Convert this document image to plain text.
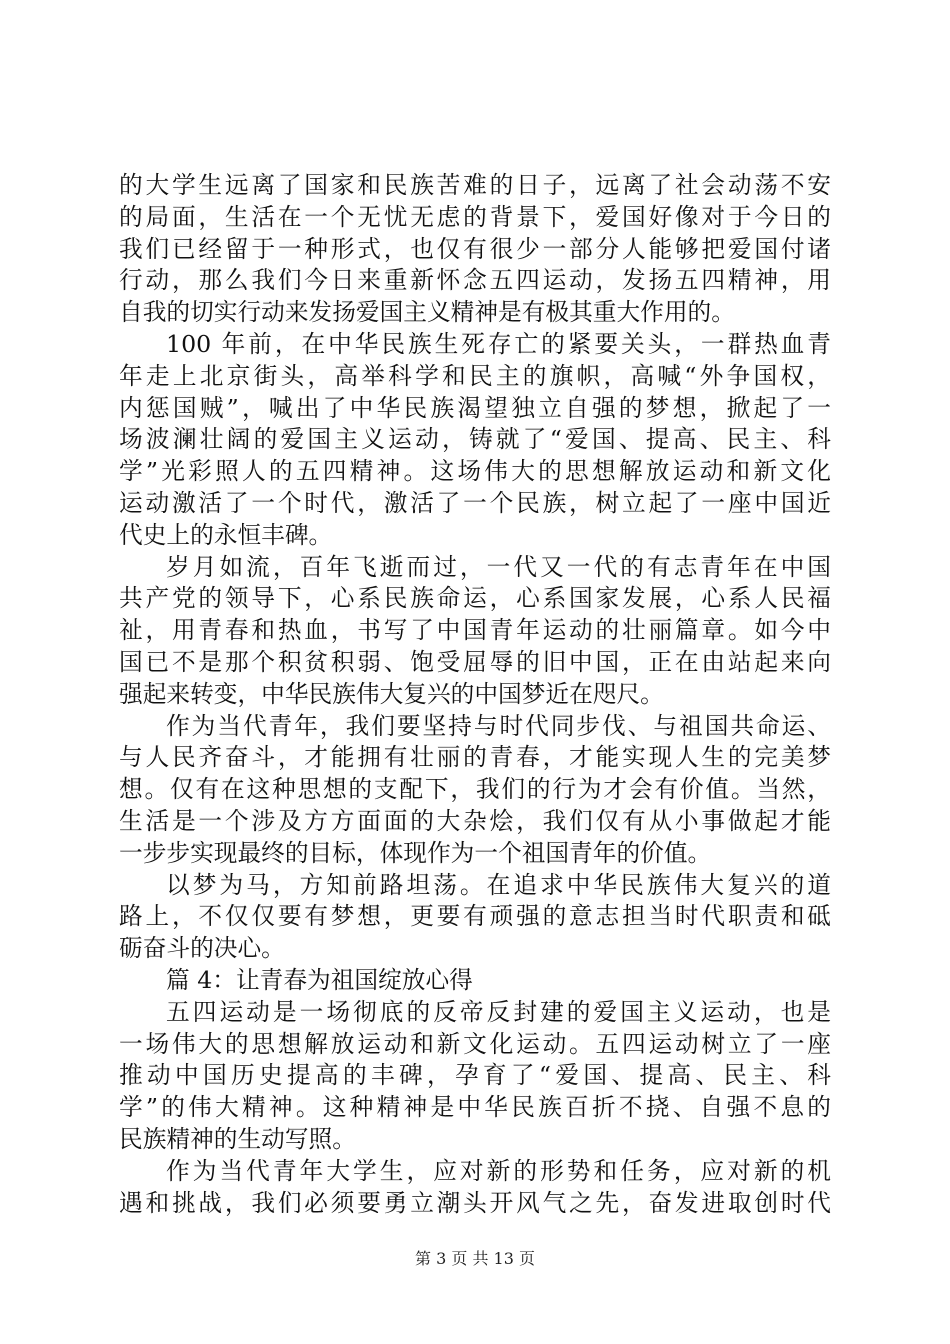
的大学生远离了国家和民族苦难的日子，远离了社会动荡不安
的局面，生活在一个无忧无虑的背景下，爱国好像对于今日的
我们已经留于一种形式，也仅有很少一部分人能够把爱国付诸
行动，那么我们今日来重新怀念五四运动，发扬五四精神，用
自我的切实行动来发扬爱国主义精神是有极其重大作用的。
100 年前，在中华民族生死存亡的紧要关头，一群热血青
年走上北京街头，高举科学和民主的旗帜，高喊“外争国权，
内惩国贼”，喊出了中华民族渴望独立自强的梦想，掀起了一
场波澜壮阔的爱国主义运动，铸就了“爱国、提高、民主、科
学”光彩照人的五四精神。这场伟大的思想解放运动和新文化
运动激活了一个时代，激活了一个民族，树立起了一座中国近
代史上的永恒丰碑。
岁月如流，百年飞逝而过，一代又一代的有志青年在中国
共产党的领导下，心系民族命运，心系国家发展，心系人民福
祉，用青春和热血，书写了中国青年运动的壮丽篇章。如今中
国已不是那个积贫积弱、饱受屈辱的旧中国，正在由站起来向
强起来转变，中华民族伟大复兴的中国梦近在咫尺。
作为当代青年，我们要坚持与时代同步伐、与祖国共命运、
与人民齐奋斗，才能拥有壮丽的青春，才能实现人生的完美梦
想。仅有在这种思想的支配下，我们的行为才会有价值。当然，
生活是一个涉及方方面面的大杂烩，我们仅有从小事做起才能
一步步实现最终的目标，体现作为一个祖国青年的价值。
以梦为马，方知前路坦荡。在追求中华民族伟大复兴的道
路上，不仅仅要有梦想，更要有顽强的意志担当时代职责和砥
砺奋斗的决心。
篇 4：让青春为祖国绽放心得
五四运动是一场彻底的反帝反封建的爱国主义运动，也是
一场伟大的思想解放运动和新文化运动。五四运动树立了一座
推动中国历史提高的丰碑，孕育了“爱国、提高、民主、科
学”的伟大精神。这种精神是中华民族百折不挠、自强不息的
民族精神的生动写照。
作为当代青年大学生，应对新的形势和任务，应对新的机
遇和挑战，我们必须要勇立潮头开风气之先，奋发进取创时代
第 3 页 共 13 页
